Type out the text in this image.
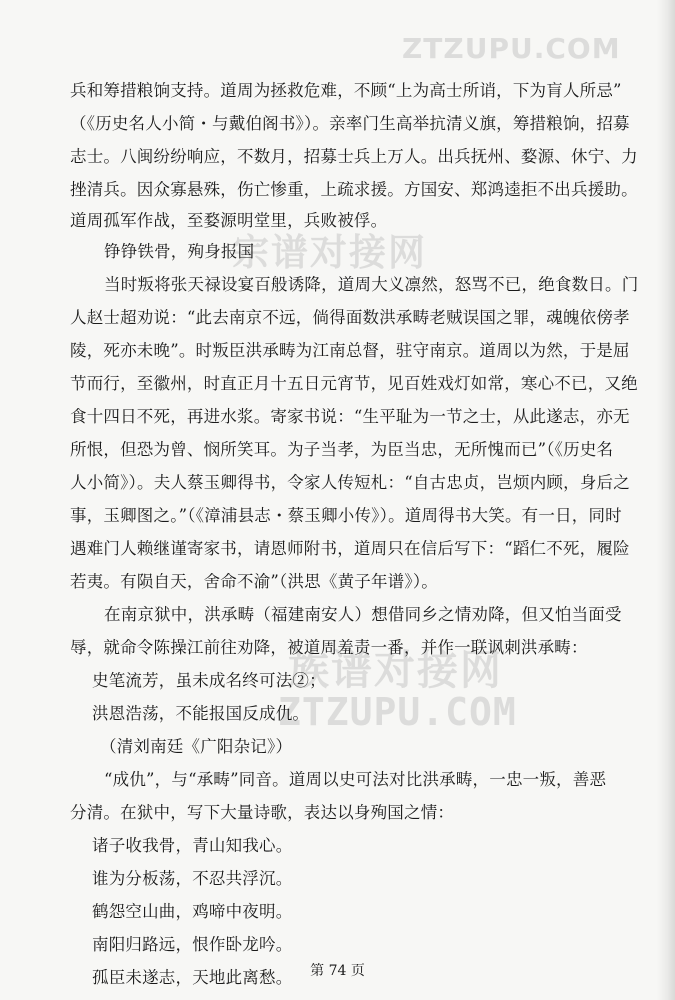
ZTZUPU.COM
宗谱对接网
族谱对接网
ZTZUPU.COM
兵和筹措粮饷支持。道周为拯救危难，不顾“上为高士所诮，下为肓人所忌”
（《历史名人小简・与戴伯阁书》）。亲率门生高举抗清义旗，筹措粮饷，招募
志士。八闽纷纷响应，不数月，招募士兵上万人。出兵抚州、婺源、休宁、力
挫清兵。因众寡悬殊，伤亡惨重，上疏求援。方国安、郑鸿逵拒不出兵援助。
道周孤军作战，至婺源明堂里，兵败被俘。
铮铮铁骨，殉身报国
当时叛将张天禄设宴百般诱降，道周大义凛然，怒骂不已，绝食数日。门
人赵士超劝说：“此去南京不远，倘得面数洪承畴老贼误国之罪，魂魄依傍孝
陵，死亦未晚”。时叛臣洪承畴为江南总督，驻守南京。道周以为然，于是屈
节而行，至徽州，时直正月十五日元宵节，见百姓戏灯如常，寒心不已，又绝
食十四日不死，再进水浆。寄家书说：“生平耻为一节之士，从此遂志，亦无
所恨，但恐为曾、悯所笑耳。为子当孝，为臣当忠，无所愧而已”（《历史名
人小简》）。夫人蔡玉卿得书，令家人传短札：“自古忠贞，岂烦内顾，身后之
事，玉卿图之。”（《漳浦县志・蔡玉卿小传》）。道周得书大笑。有一日，同时
遇难门人赖继谨寄家书，请恩师附书，道周只在信后写下：“蹈仁不死，履险
若夷。有陨自天，舍命不渝”（洪思《黄子年谱》）。
在南京狱中，洪承畴（福建南安人）想借同乡之情劝降，但又怕当面受
辱，就命令陈操江前往劝降，被道周羞责一番，并作一联讽刺洪承畴：
史笔流芳，虽未成名终可法②；
洪恩浩荡，不能报国反成仇。
（清刘南廷《广阳杂记》）
“成仇”，与“承畴”同音。道周以史可法对比洪承畴，一忠一叛，善恶
分清。在狱中，写下大量诗歌，表达以身殉国之情：
诸子收我骨，青山知我心。
谁为分板荡，不忍共浮沉。
鹤怨空山曲，鸡啼中夜明。
南阳归路远，恨作卧龙吟。
孤臣未遂志，天地此离愁。	第 74 页
